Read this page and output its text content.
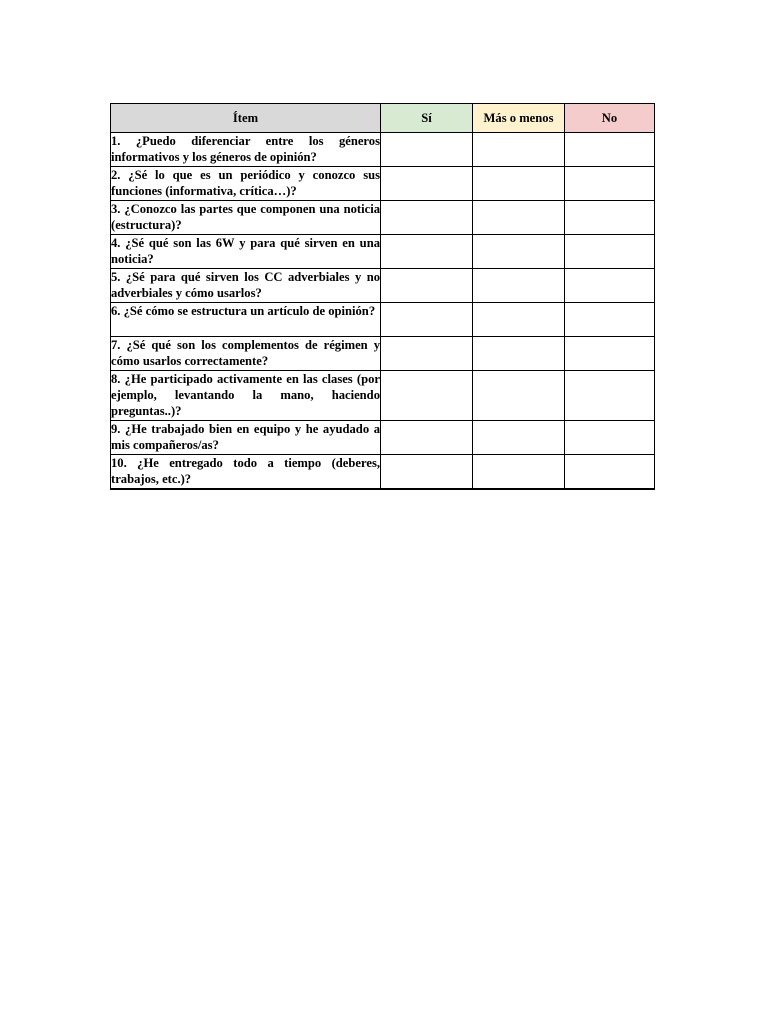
Ítem	Sí	Más o menos	No
1. ¿Puedo diferenciar entre los géneros informativos y los géneros de opinión?			
2. ¿Sé lo que es un periódico y conozco sus funciones (informativa, crítica…)?			
3. ¿Conozco las partes que componen una noticia (estructura)?			
4. ¿Sé qué son las 6W y para qué sirven en una noticia?			
5. ¿Sé para qué sirven los CC adverbiales y no adverbiales y cómo usarlos?			
6. ¿Sé cómo se estructura un artículo de opinión?			
7. ¿Sé qué son los complementos de régimen y cómo usarlos correctamente?			
8. ¿He participado activamente en las clases (por ejemplo, levantando la mano, haciendo preguntas..)?			
9. ¿He trabajado bien en equipo y he ayudado a mis compañeros/as?			
10. ¿He entregado todo a tiempo (deberes, trabajos, etc.)?			
